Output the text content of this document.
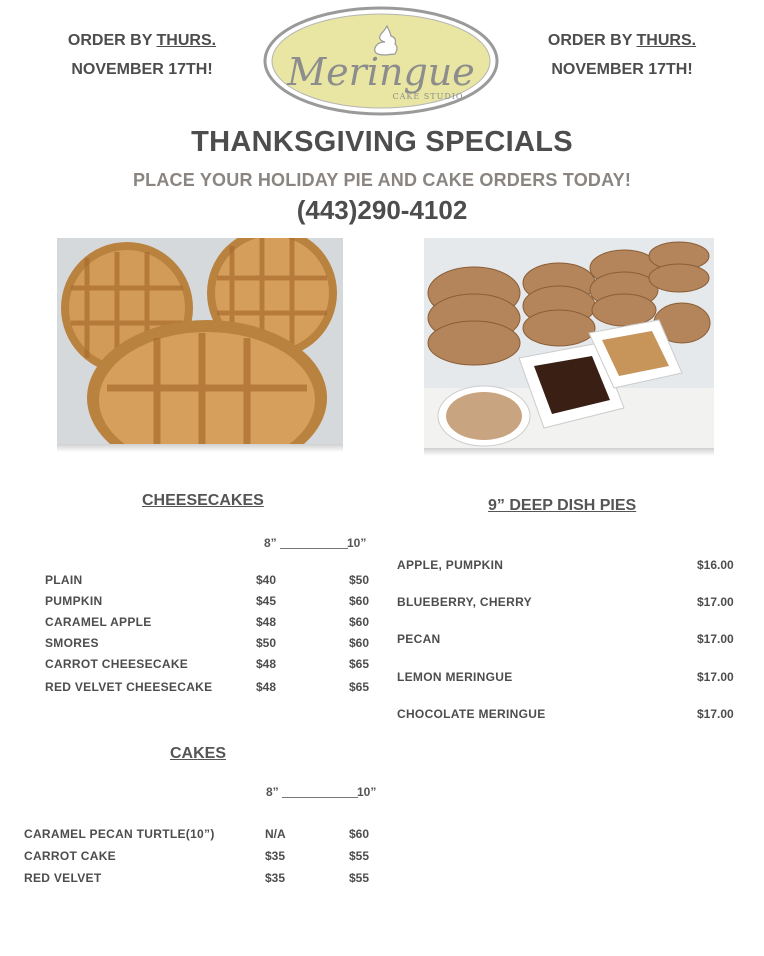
ORDER BY THURS.
NOVEMBER 17TH!
ORDER BY THURS.
NOVEMBER 17TH!
Meringue
CAKE STUDIO
THANKSGIVING SPECIALS
PLACE YOUR HOLIDAY PIE AND CAKE ORDERS TODAY!
(443)290-4102
CHEESECAKES
8”	10”
PLAIN	$40	$50
PUMPKIN	$45	$60
CARAMEL APPLE	$48	$60
SMORES	$50	$60
CARROT CHEESECAKE	$48	$65
RED VELVET CHEESECAKE	$48	$65
9” DEEP DISH PIES
APPLE, PUMPKIN	$16.00
BLUEBERRY, CHERRY	$17.00
PECAN	$17.00
LEMON MERINGUE	$17.00
CHOCOLATE MERINGUE	$17.00
CAKES
8”	10”
CARAMEL PECAN TURTLE(10”)	N/A	$60
CARROT CAKE	$35	$55
RED VELVET	$35	$55
